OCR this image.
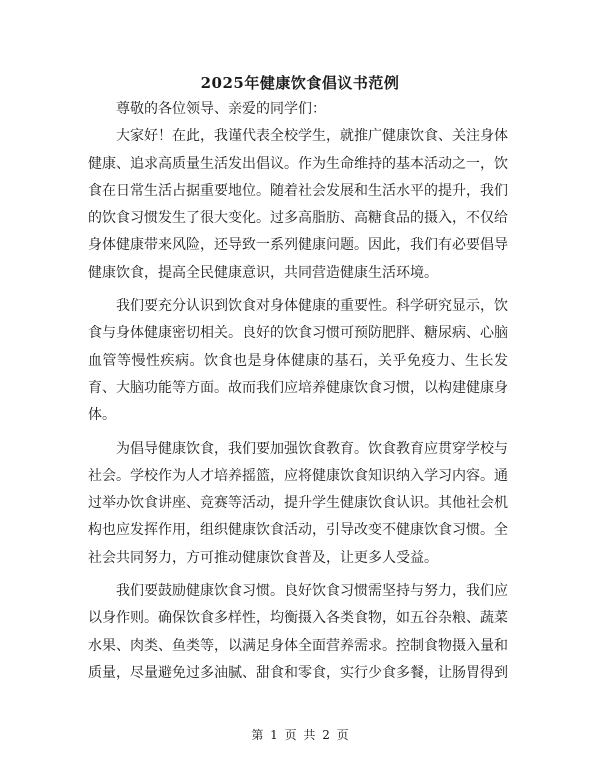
2025年健康饮食倡议书范例

尊敬的各位领导、亲爱的同学们：

大家好！在此，我谨代表全校学生，就推广健康饮食、关注身体健康、追求高质量生活发出倡议。作为生命维持的基本活动之一，饮食在日常生活占据重要地位。随着社会发展和生活水平的提升，我们的饮食习惯发生了很大变化。过多高脂肪、高糖食品的摄入，不仅给身体健康带来风险，还导致一系列健康问题。因此，我们有必要倡导健康饮食，提高全民健康意识，共同营造健康生活环境。

我们要充分认识到饮食对身体健康的重要性。科学研究显示，饮食与身体健康密切相关。良好的饮食习惯可预防肥胖、糖尿病、心脑血管等慢性疾病。饮食也是身体健康的基石，关乎免疫力、生长发育、大脑功能等方面。故而我们应培养健康饮食习惯，以构建健康身体。

为倡导健康饮食，我们要加强饮食教育。饮食教育应贯穿学校与社会。学校作为人才培养摇篮，应将健康饮食知识纳入学习内容。通过举办饮食讲座、竞赛等活动，提升学生健康饮食认识。其他社会机构也应发挥作用，组织健康饮食活动，引导改变不健康饮食习惯。全社会共同努力，方可推动健康饮食普及，让更多人受益。

我们要鼓励健康饮食习惯。良好饮食习惯需坚持与努力，我们应以身作则。确保饮食多样性，均衡摄入各类食物，如五谷杂粮、蔬菜水果、肉类、鱼类等，以满足身体全面营养需求。控制食物摄入量和质量，尽量避免过多油腻、甜食和零食，实行少食多餐，让肠胃得到

第 1 页 共 2 页
